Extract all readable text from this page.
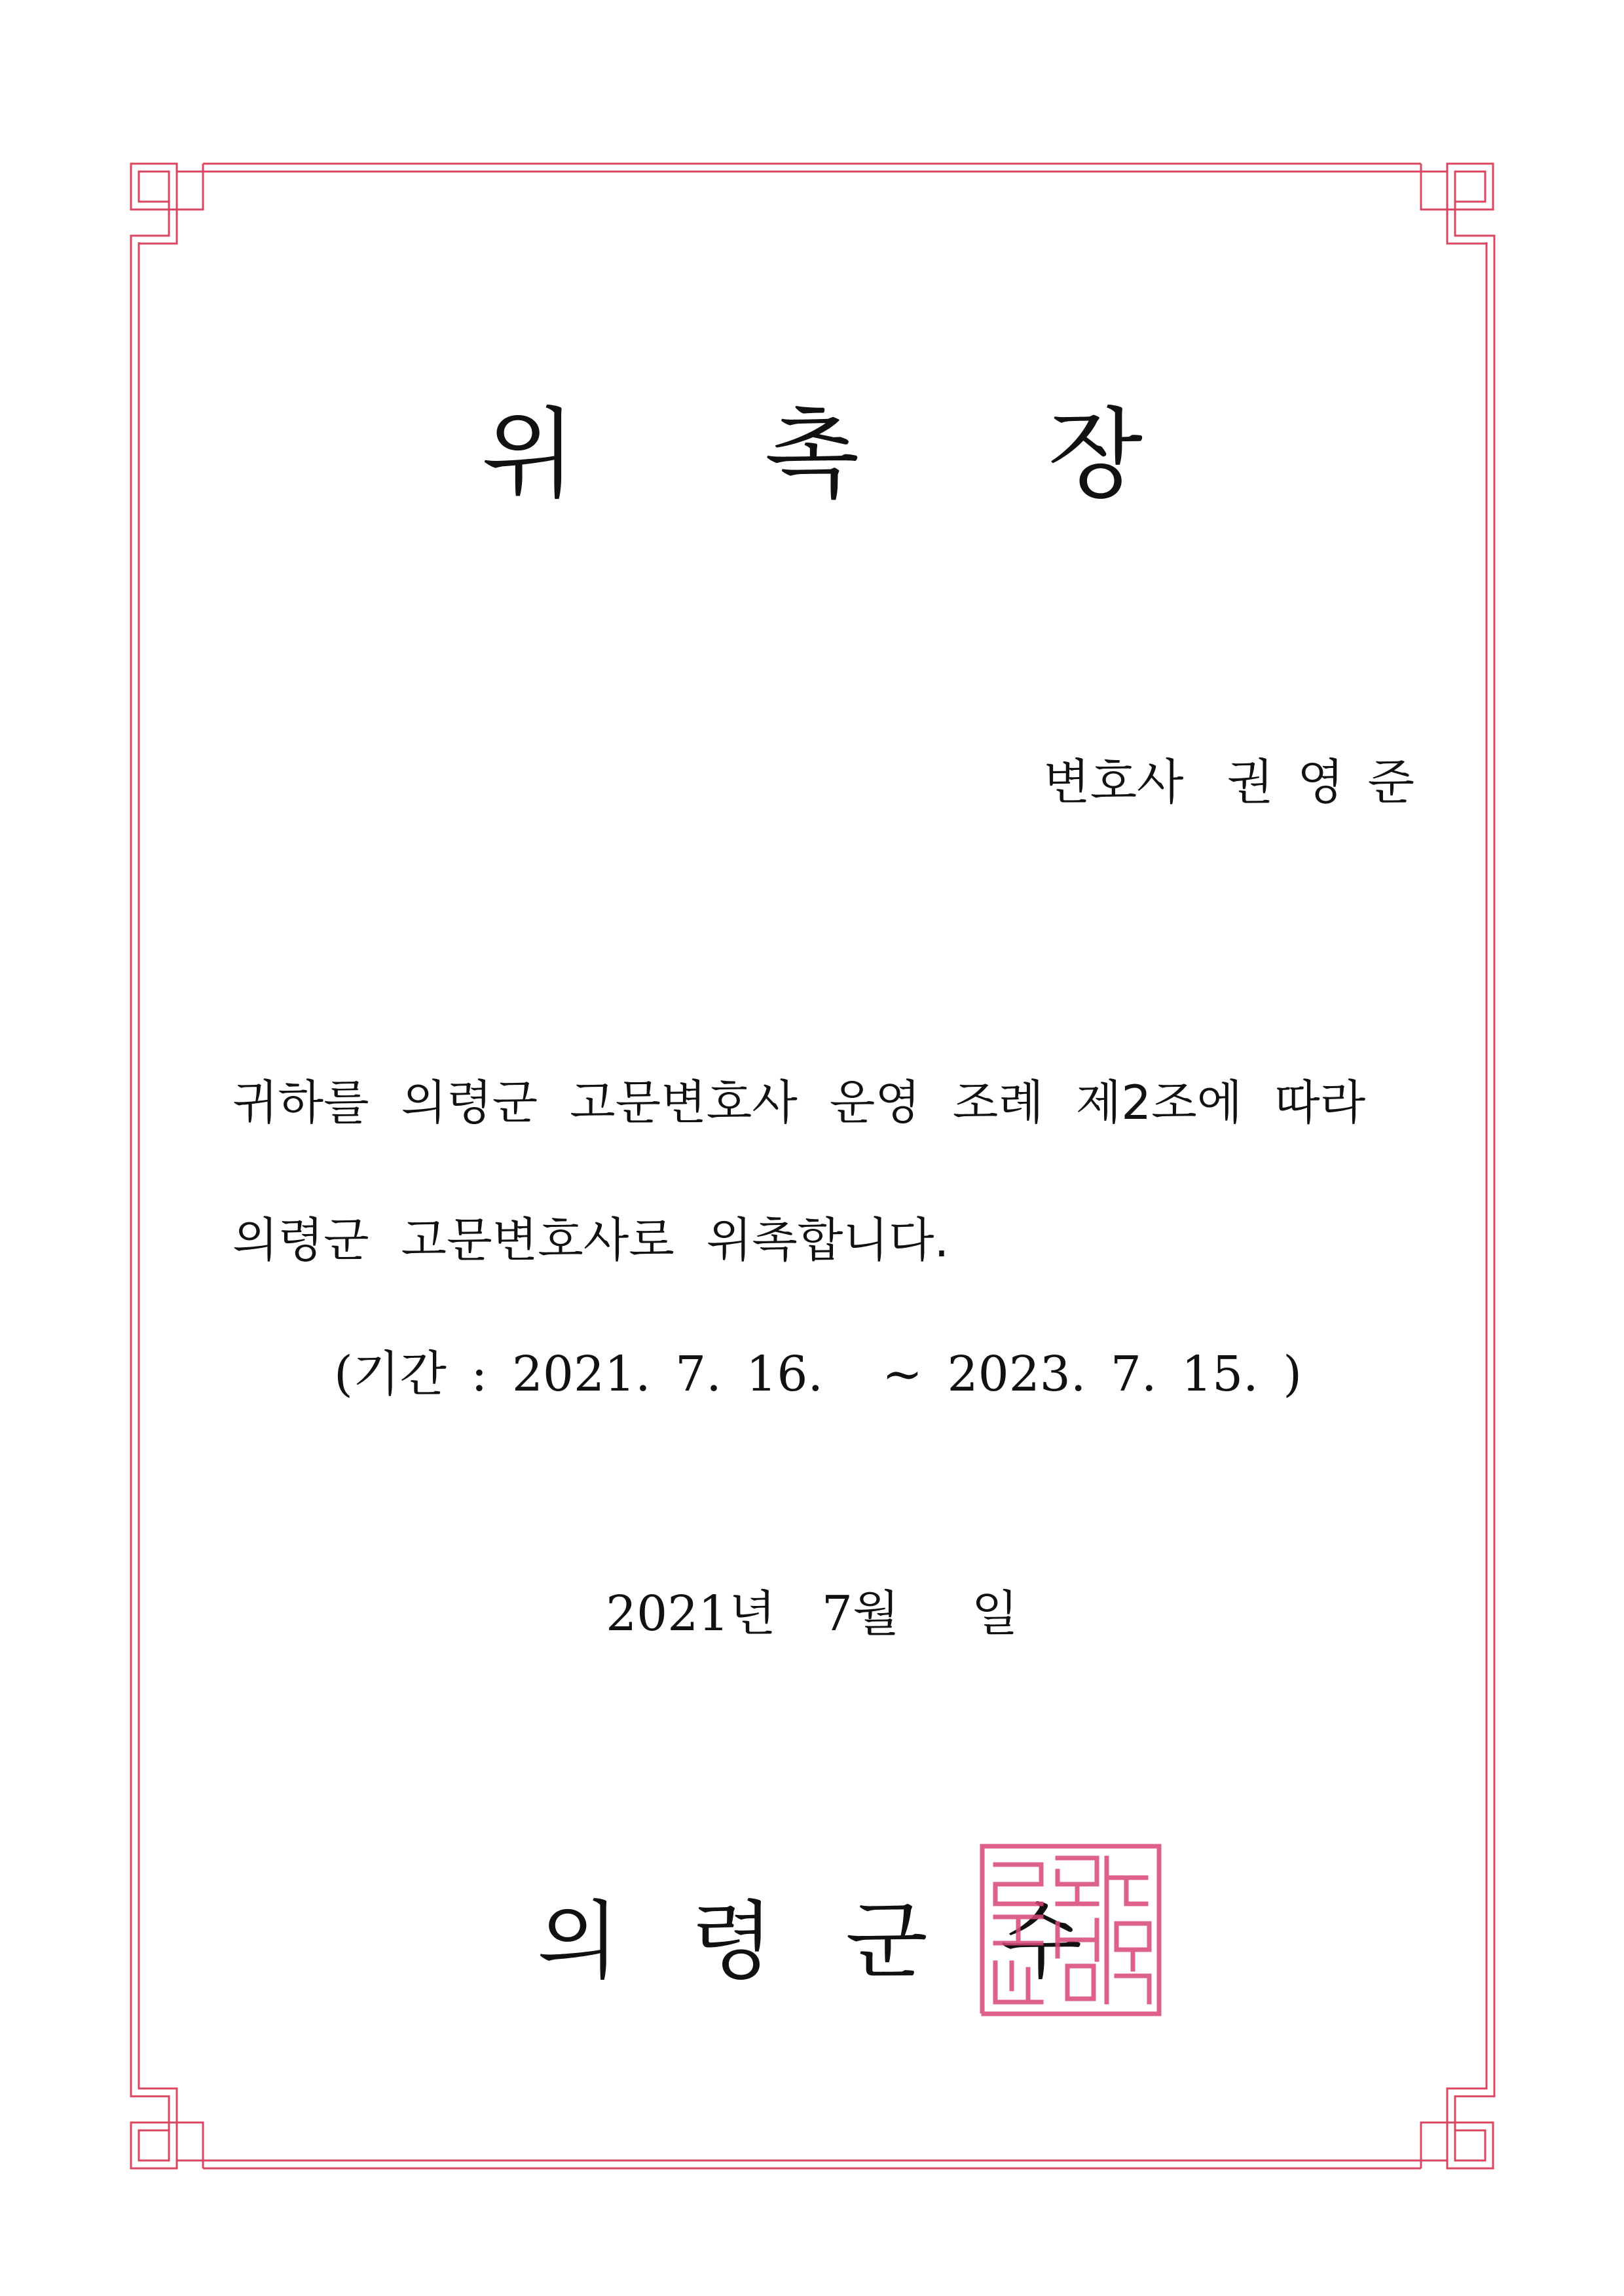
위 촉 장
변호사 권 영 준
귀하를 의령군 고문변호사 운영 조례 제2조에 따라
의령군 고문변호사로 위촉합니다.
(기간 : 2021. 7. 16. ~ 2023. 7. 15. )
2021년 7월 일
의 령 군 수
